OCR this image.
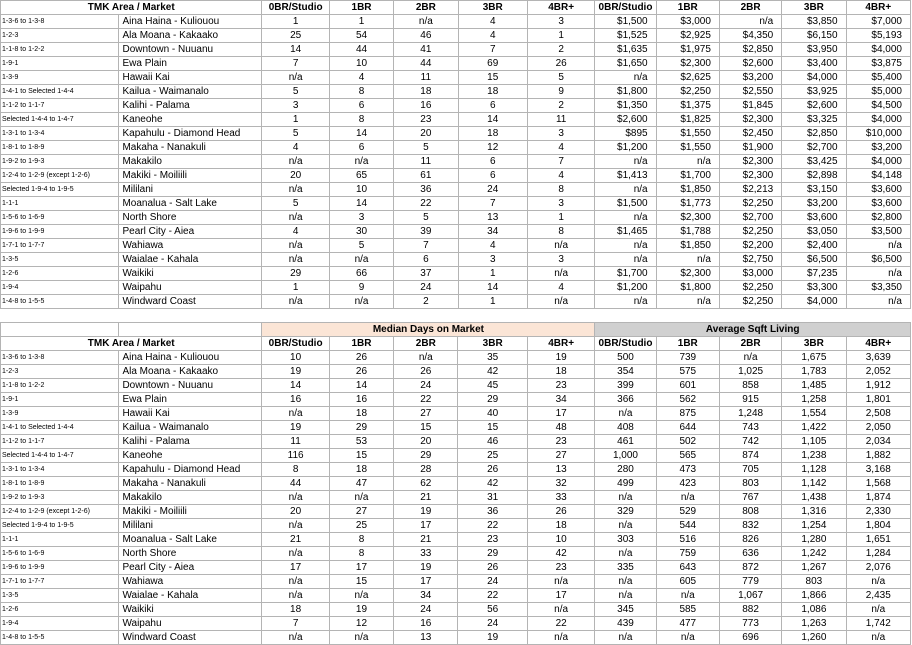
TMK Area / Market		0BR/Studio	1BR	2BR	3BR	4BR+	0BR/Studio	1BR	2BR	3BR	4BR+
1-3-6 to 1-3-8	Aina Haina - Kuliouou	1	1	n/a	4	3	$1,500	$3,000	n/a	$3,850	$7,000
1-2-3	Ala Moana - Kakaako	25	54	46	4	1	$1,525	$2,925	$4,350	$6,150	$5,193
1-1-8 to 1-2-2	Downtown - Nuuanu	14	44	41	7	2	$1,635	$1,975	$2,850	$3,950	$4,000
1-9-1	Ewa Plain	7	10	44	69	26	$1,650	$2,300	$2,600	$3,400	$3,875
1-3-9	Hawaii Kai	n/a	4	11	15	5	n/a	$2,625	$3,200	$4,000	$5,400
1-4-1 to Selected 1-4-4	Kailua - Waimanalo	5	8	18	18	9	$1,800	$2,250	$2,550	$3,925	$5,000
1-1-2 to 1-1-7	Kalihi - Palama	3	6	16	6	2	$1,350	$1,375	$1,845	$2,600	$4,500
Selected 1-4-4 to 1-4-7	Kaneohe	1	8	23	14	11	$2,600	$1,825	$2,300	$3,325	$4,000
1-3-1 to 1-3-4	Kapahulu - Diamond Head	5	14	20	18	3	$895	$1,550	$2,450	$2,850	$10,000
1-8-1 to 1-8-9	Makaha - Nanakuli	4	6	5	12	4	$1,200	$1,550	$1,900	$2,700	$3,200
1-9-2 to 1-9-3	Makakilo	n/a	n/a	11	6	7	n/a	n/a	$2,300	$3,425	$4,000
1-2-4 to 1-2-9 (except 1-2-6)	Makiki - Moiliili	20	65	61	6	4	$1,413	$1,700	$2,300	$2,898	$4,148
Selected 1-9-4 to 1-9-5	Mililani	n/a	10	36	24	8	n/a	$1,850	$2,213	$3,150	$3,600
1-1-1	Moanalua - Salt Lake	5	14	22	7	3	$1,500	$1,773	$2,250	$3,200	$3,600
1-5-6 to 1-6-9	North Shore	n/a	3	5	13	1	n/a	$2,300	$2,700	$3,600	$2,800
1-9-6 to 1-9-9	Pearl City - Aiea	4	30	39	34	8	$1,465	$1,788	$2,250	$3,050	$3,500
1-7-1 to 1-7-7	Wahiawa	n/a	5	7	4	n/a	n/a	$1,850	$2,200	$2,400	n/a
1-3-5	Waialae - Kahala	n/a	n/a	6	3	3	n/a	n/a	$2,750	$6,500	$6,500
1-2-6	Waikiki	29	66	37	1	n/a	$1,700	$2,300	$3,000	$7,235	n/a
1-9-4	Waipahu	1	9	24	14	4	$1,200	$1,800	$2,250	$3,300	$3,350
1-4-8 to 1-5-5	Windward Coast	n/a	n/a	2	1	n/a	n/a	n/a	$2,250	$4,000	n/a
		Median Days on Market					Average Sqft Living				
TMK Area / Market		0BR/Studio	1BR	2BR	3BR	4BR+	0BR/Studio	1BR	2BR	3BR	4BR+
1-3-6 to 1-3-8	Aina Haina - Kuliouou	10	26	n/a	35	19	500	739	n/a	1,675	3,639
1-2-3	Ala Moana - Kakaako	19	26	26	42	18	354	575	1,025	1,783	2,052
1-1-8 to 1-2-2	Downtown - Nuuanu	14	14	24	45	23	399	601	858	1,485	1,912
1-9-1	Ewa Plain	16	16	22	29	34	366	562	915	1,258	1,801
1-3-9	Hawaii Kai	n/a	18	27	40	17	n/a	875	1,248	1,554	2,508
1-4-1 to Selected 1-4-4	Kailua - Waimanalo	19	29	15	15	48	408	644	743	1,422	2,050
1-1-2 to 1-1-7	Kalihi - Palama	11	53	20	46	23	461	502	742	1,105	2,034
Selected 1-4-4 to 1-4-7	Kaneohe	116	15	29	25	27	1,000	565	874	1,238	1,882
1-3-1 to 1-3-4	Kapahulu - Diamond Head	8	18	28	26	13	280	473	705	1,128	3,168
1-8-1 to 1-8-9	Makaha - Nanakuli	44	47	62	42	32	499	423	803	1,142	1,568
1-9-2 to 1-9-3	Makakilo	n/a	n/a	21	31	33	n/a	n/a	767	1,438	1,874
1-2-4 to 1-2-9 (except 1-2-6)	Makiki - Moiliili	20	27	19	36	26	329	529	808	1,316	2,330
Selected 1-9-4 to 1-9-5	Mililani	n/a	25	17	22	18	n/a	544	832	1,254	1,804
1-1-1	Moanalua - Salt Lake	21	8	21	23	10	303	516	826	1,280	1,651
1-5-6 to 1-6-9	North Shore	n/a	8	33	29	42	n/a	759	636	1,242	1,284
1-9-6 to 1-9-9	Pearl City - Aiea	17	17	19	26	23	335	643	872	1,267	2,076
1-7-1 to 1-7-7	Wahiawa	n/a	15	17	24	n/a	n/a	605	779	803	n/a
1-3-5	Waialae - Kahala	n/a	n/a	34	22	17	n/a	n/a	1,067	1,866	2,435
1-2-6	Waikiki	18	19	24	56	n/a	345	585	882	1,086	n/a
1-9-4	Waipahu	7	12	16	24	22	439	477	773	1,263	1,742
1-4-8 to 1-5-5	Windward Coast	n/a	n/a	13	19	n/a	n/a	n/a	696	1,260	n/a
